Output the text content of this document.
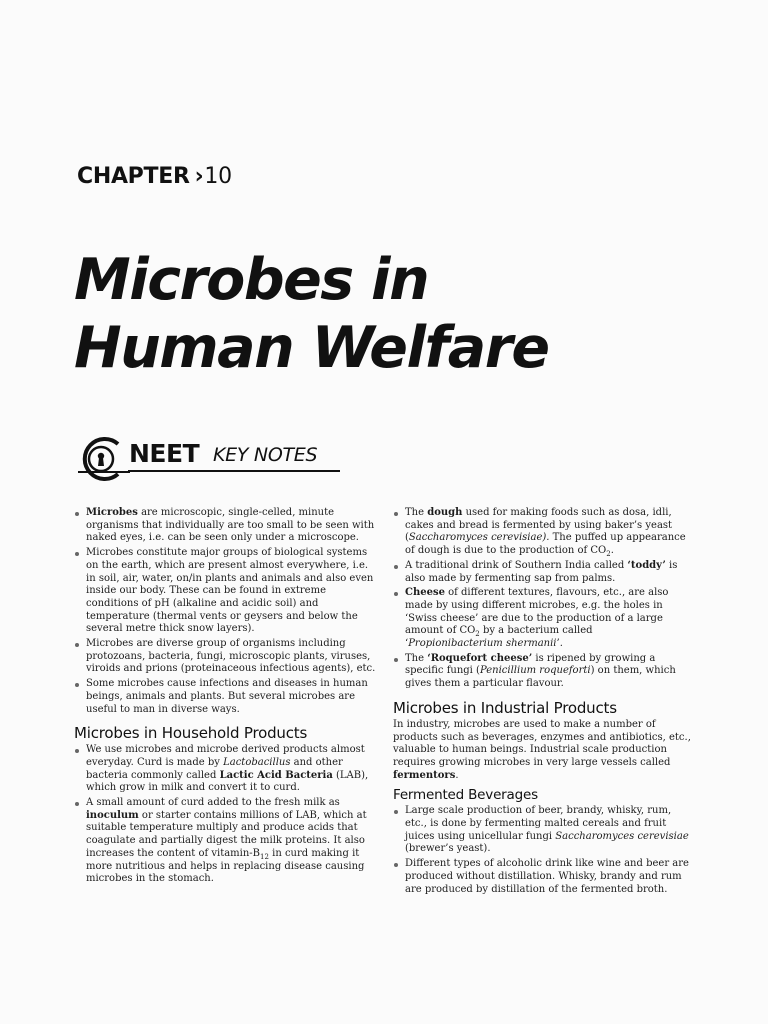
CHAPTER ›10
Microbes in
Human Welfare
NEET KEY NOTES
Microbes are microscopic, single-celled, minute organisms that individually are too small to be seen with naked eyes, i.e. can be seen only under a microscope.
Microbes constitute major groups of biological systems on the earth, which are present almost everywhere, i.e. in soil, air, water, on/in plants and animals and also even inside our body. These can be found in extreme conditions of pH (alkaline and acidic soil) and temperature (thermal vents or geysers and below the several metre thick snow layers).
Microbes are diverse group of organisms including protozoans, bacteria, fungi, microscopic plants, viruses, viroids and prions (proteinaceous infectious agents), etc.
Some microbes cause infections and diseases in human beings, animals and plants. But several microbes are useful to man in diverse ways.
Microbes in Household Products
We use microbes and microbe derived products almost everyday. Curd is made by Lactobacillus and other bacteria commonly called Lactic Acid Bacteria (LAB), which grow in milk and convert it to curd.
A small amount of curd added to the fresh milk as inoculum or starter contains millions of LAB, which at suitable temperature multiply and produce acids that coagulate and partially digest the milk proteins. It also increases the content of vitamin-$B_{12}$ in curd making it more nutritious and helps in replacing disease causing microbes in the stomach.
The dough used for making foods such as dosa, idli, cakes and bread is fermented by using baker’s yeast (Saccharomyces cerevisiae). The puffed up appearance of dough is due to the production of $CO_2$.
A traditional drink of Southern India called ‘toddy’ is also made by fermenting sap from palms.
Cheese of different textures, flavours, etc., are also made by using different microbes, e.g. the holes in ‘Swiss cheese’ are due to the production of a large amount of $CO_2$ by a bacterium called ‘Propionibacterium shermanii’.
The ‘Roquefort cheese’ is ripened by growing a specific fungi (Penicillium roqueforti) on them, which gives them a particular flavour.
Microbes in Industrial Products

In industry, microbes are used to make a number of products such as beverages, enzymes and antibiotics, etc., valuable to human beings. Industrial scale production requires growing microbes in very large vessels called fermentors.

Fermented Beverages
Large scale production of beer, brandy, whisky, rum, etc., is done by fermenting malted cereals and fruit juices using unicellular fungi Saccharomyces cerevisiae (brewer’s yeast).
Different types of alcoholic drink like wine and beer are produced without distillation. Whisky, brandy and rum are produced by distillation of the fermented broth.
